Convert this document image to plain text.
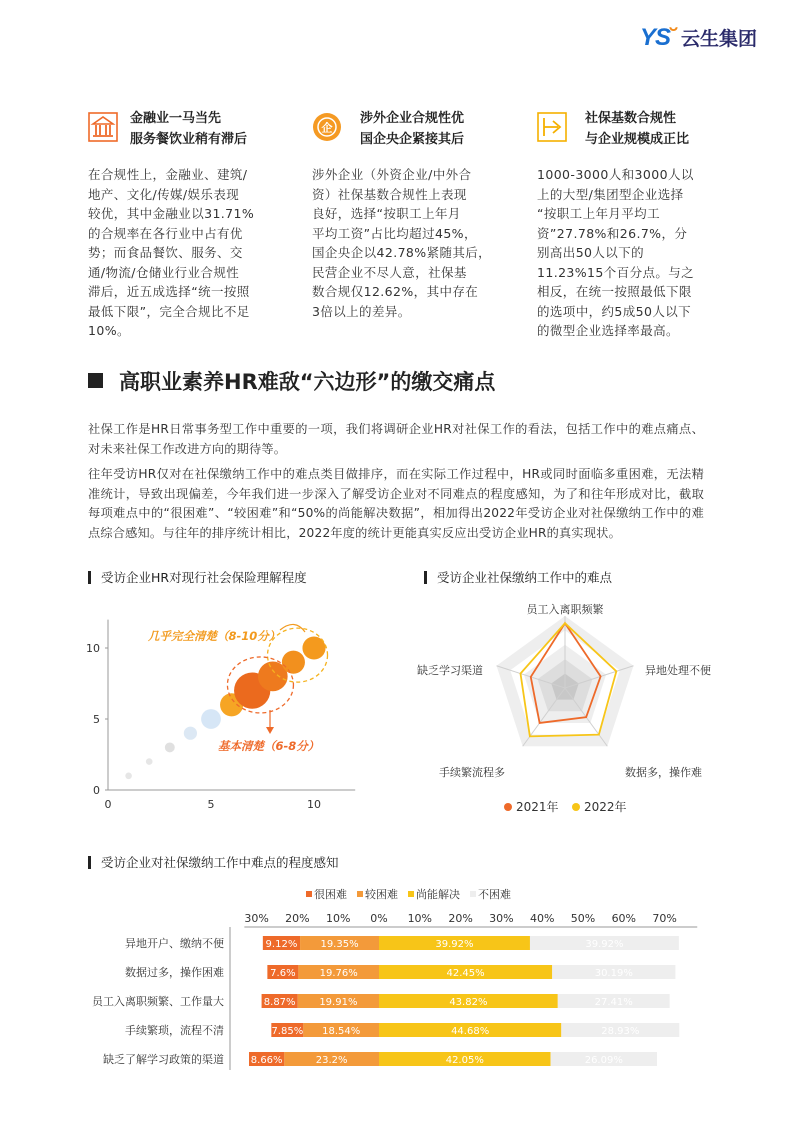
YS˘ 云生集团
金融业一马当先
服务餐饮业稍有滞后
在合规性上，金融业、建筑/
地产、文化/传媒/娱乐表现
较优，其中金融业以31.71%
的合规率在各行业中占有优
势；而食品餐饮、服务、交
通/物流/仓储业行业合规性
滞后，近五成选择“统一按照
最低下限”，完全合规比不足
10%。
企
涉外企业合规性优
国企央企紧接其后
涉外企业（外资企业/中外合
资）社保基数合规性上表现
良好，选择“按职工上年月
平均工资”占比均超过45%，
国企央企以42.78%紧随其后，
民营企业不尽人意，社保基
数合规仅12.62%，其中存在
3倍以上的差异。
社保基数合规性
与企业规模成正比
1000-3000人和3000人以
上的大型/集团型企业选择
“按职工上年月平均工
资”27.78%和26.7%，分
别高出50人以下的
11.23%15个百分点。与之
相反，在统一按照最低下限
的选项中，约5成50人以下
的微型企业选择率最高。
高职业素养HR难敌“六边形”的缴交痛点
社保工作是HR日常事务型工作中重要的一项，我们将调研企业HR对社保工作的看法，包括工作中的难点痛点、对未来社保工作改进方向的期待等。
往年受访HR仅对在社保缴纳工作中的难点类目做排序，而在实际工作过程中，HR或同时面临多重困难，无法精准统计，导致出现偏差，今年我们进一步深入了解受访企业对不同难点的程度感知，为了和往年形成对比，截取每项难点中的“很困难”、“较困难”和“50%的尚能解决数据”，相加得出2022年受访企业对社保缴纳工作中的难点综合感知。与往年的排序统计相比，2022年度的统计更能真实反应出受访企业HR的真实现状。
受访企业HR对现行社会保险理解程度	受访企业社保缴纳工作中的难点
0	5	10
0
5
10
几乎完全清楚（8-10分）
基本清楚（6-8分）
员工入离职频繁
异地处理不便
数据多，操作难
手续繁流程多
缺乏学习渠道
2021年 2022年
受访企业对社保缴纳工作中难点的程度感知
很困难 较困难 尚能解决 不困难
30% 20% 10% 0% 10% 20% 30% 40% 50% 60% 70%
异地开户、缴纳不便	9.12% 19.35%	39.92%	39.92%
数据过多，操作困难	7.6% 19.76%	42.45%	30.19%
员工入离职频繁、工作量大	8.87% 19.91%	43.82%	27.41%
手续繁琐，流程不清	7.85% 18.54%	44.68%	28.93%
缺乏了解学习政策的渠道	8.66%	23.2%	42.05%	26.09%
